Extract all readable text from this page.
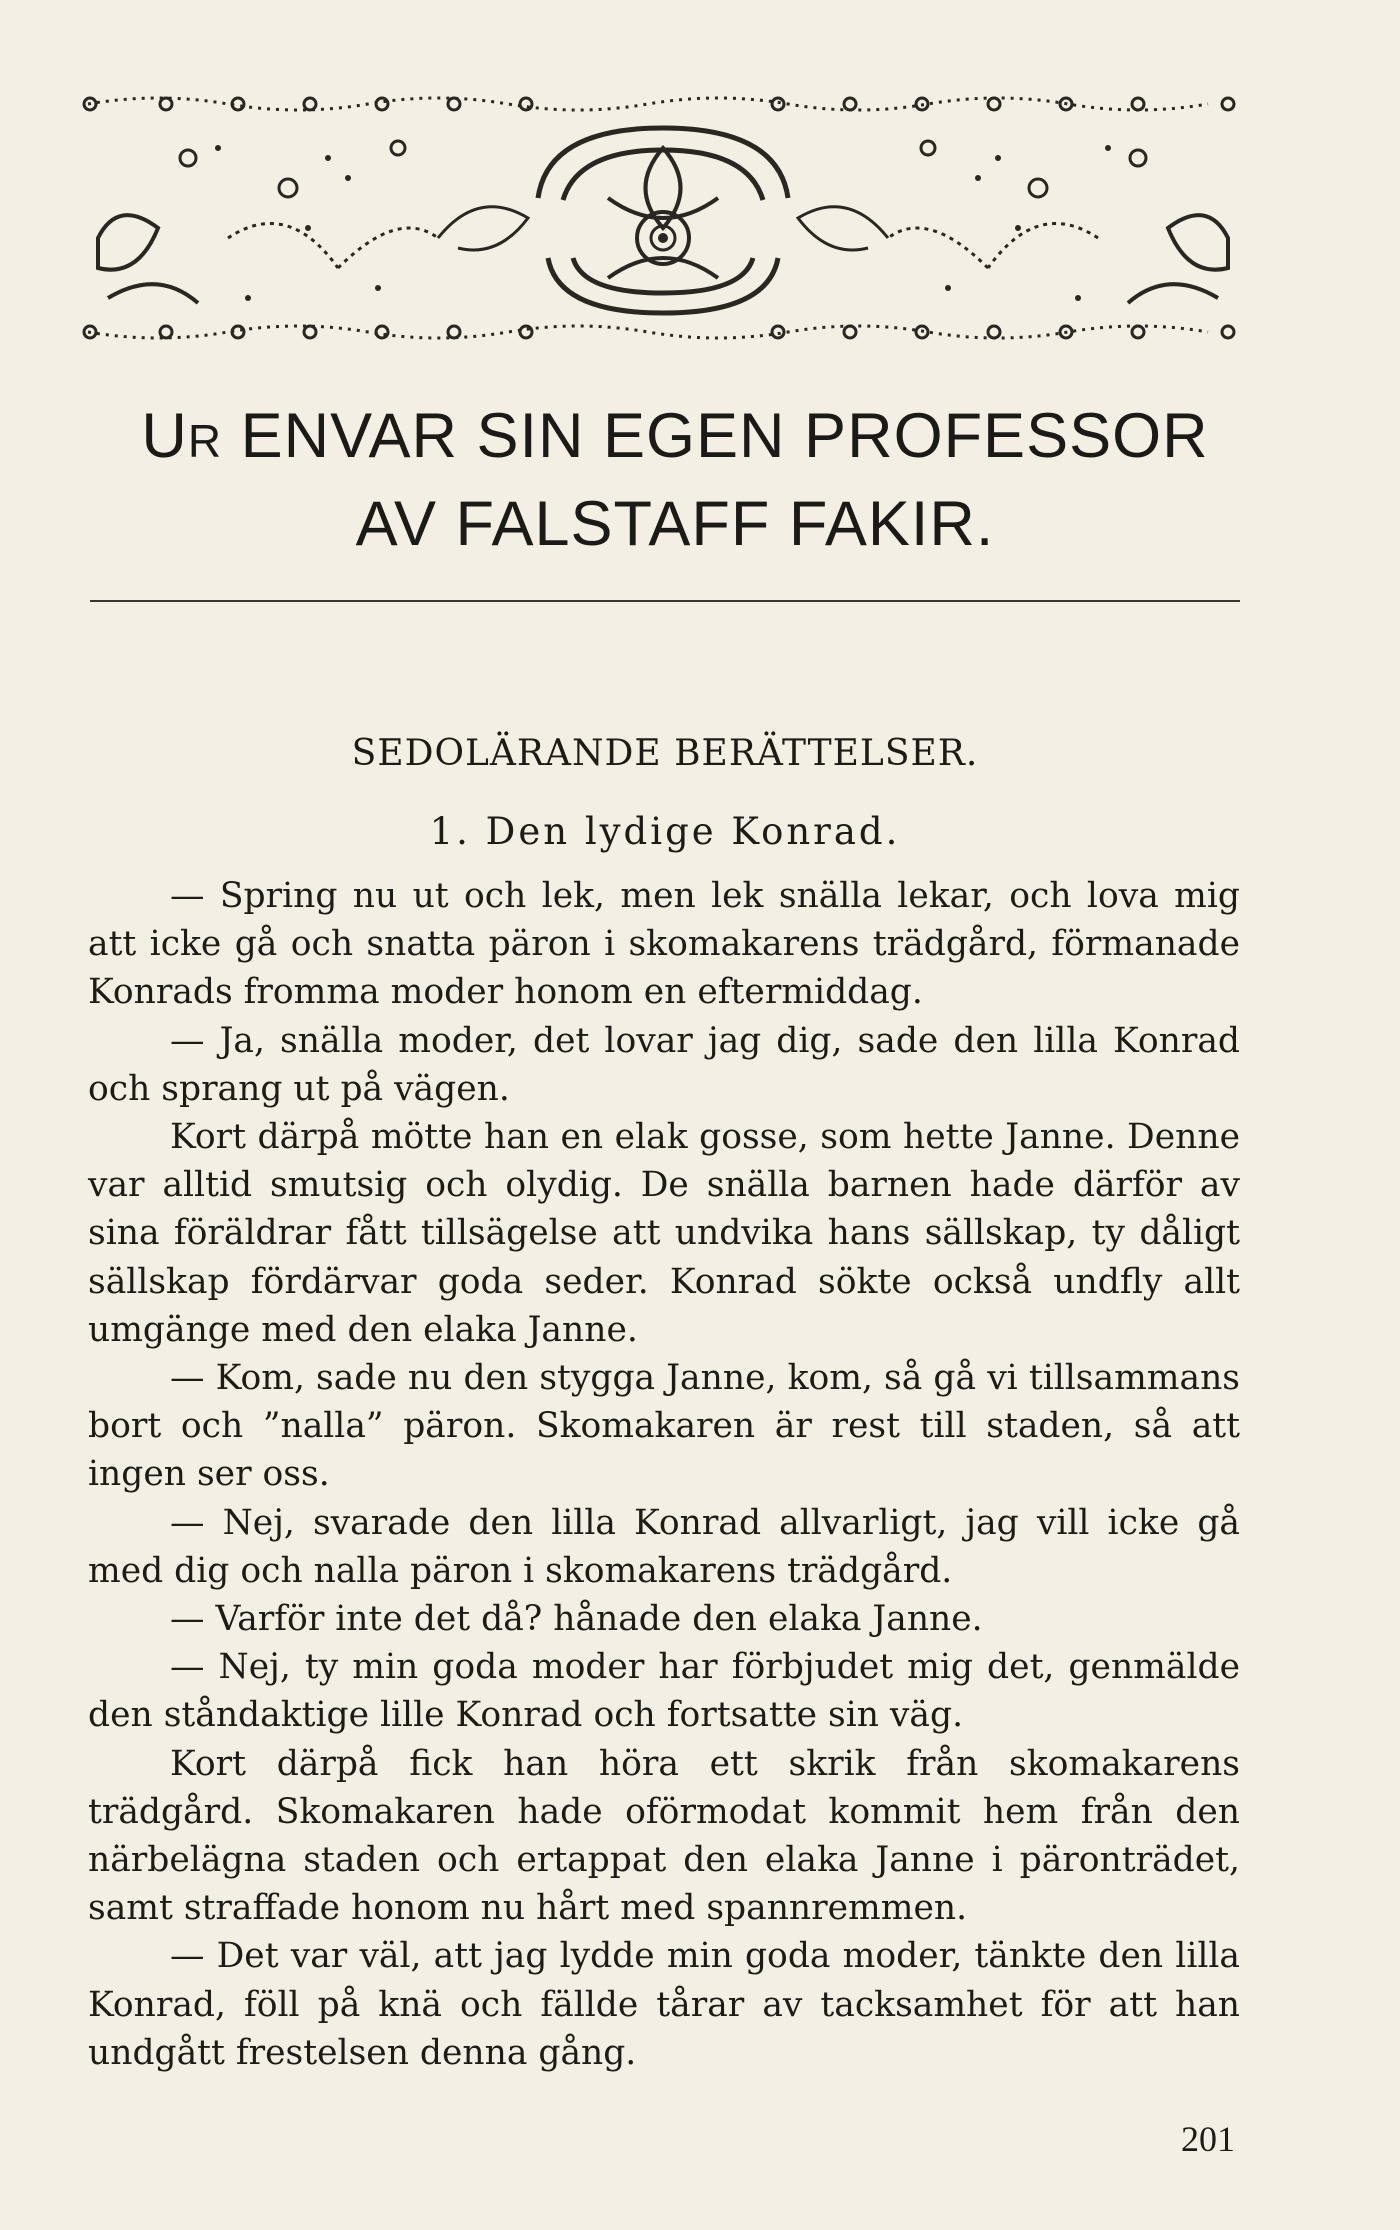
UR ENVAR SIN EGEN PROFESSOR
AV FALSTAFF FAKIR.
SEDOLÄRANDE BERÄTTELSER.
1. Den lydige Konrad.

— Spring nu ut och lek, men lek snälla lekar, och lova mig att icke gå och snatta päron i skomakarens trädgård, förmanade Konrads fromma moder honom en eftermiddag.

— Ja, snälla moder, det lovar jag dig, sade den lilla Konrad och sprang ut på vägen.

Kort därpå mötte han en elak gosse, som hette Janne. Denne var alltid smutsig och olydig. De snälla barnen hade därför av sina föräldrar fått tillsägelse att undvika hans sällskap, ty dåligt sällskap fördärvar goda seder. Konrad sökte också undfly allt umgänge med den elaka Janne.

— Kom, sade nu den stygga Janne, kom, så gå vi tillsammans bort och ”nalla” päron. Skomakaren är rest till staden, så att ingen ser oss.

— Nej, svarade den lilla Konrad allvarligt, jag vill icke gå med dig och nalla päron i skomakarens trädgård.

— Varför inte det då? hånade den elaka Janne.

— Nej, ty min goda moder har förbjudet mig det, genmälde den ståndaktige lille Konrad och fortsatte sin väg.

Kort därpå fick han höra ett skrik från skomakarens trädgård. Skomakaren hade oförmodat kommit hem från den närbelägna staden och ertappat den elaka Janne i päronträdet, samt straffade honom nu hårt med spannremmen.

— Det var väl, att jag lydde min goda moder, tänkte den lilla Konrad, föll på knä och fällde tårar av tacksamhet för att han undgått frestelsen denna gång.

201
